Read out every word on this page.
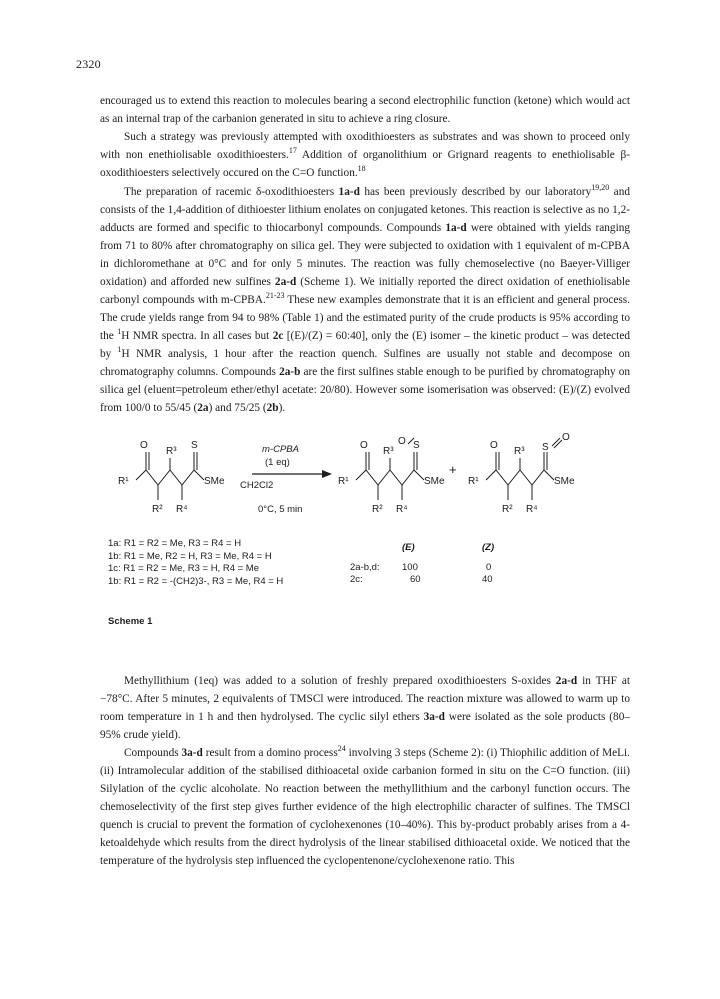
2320

encouraged us to extend this reaction to molecules bearing a second electrophilic function (ketone) which would act as an internal trap of the carbanion generated in situ to achieve a ring closure.

Such a strategy was previously attempted with oxodithioesters as substrates and was shown to proceed only with non enethiolisable oxodithioesters.$^{17}$ Addition of organolithium or Grignard reagents to enethiolisable β-oxodithioesters selectively occured on the C=O function.$^{18}$

The preparation of racemic δ-oxodithioesters 1a-d has been previously described by our laboratory$^{19,20}$ and consists of the 1,4-addition of dithioester lithium enolates on conjugated ketones. This reaction is selective as no 1,2-adducts are formed and specific to thiocarbonyl compounds. Compounds 1a-d were obtained with yields ranging from 71 to 80% after chromatography on silica gel. They were subjected to oxidation with 1 equivalent of m-CPBA in dichloromethane at 0°C and for only 5 minutes. The reaction was fully chemoselective (no Baeyer-Villiger oxidation) and afforded new sulfines 2a-d (Scheme 1). We initially reported the direct oxidation of enethiolisable carbonyl compounds with m-CPBA.$^{21-23}$ These new examples demonstrate that it is an efficient and general process. The crude yields range from 94 to 98% (Table 1) and the estimated purity of the crude products is 95% according to the $^1$H NMR spectra. In all cases but 2c [(E)/(Z) = 60:40], only the (E) isomer – the kinetic product – was detected by $^1$H NMR analysis, 1 hour after the reaction quench. Sulfines are usually not stable and decompose on chromatography columns. Compounds 2a-b are the first sulfines stable enough to be purified by chromatography on silica gel (eluent=petroleum ether/ethyl acetate: 20/80). However some isomerisation was observed: (E)/(Z) evolved from 100/0 to 55/45 (2a) and 75/25 (2b).

O
R³
S
R¹	SMe
R² R⁴
m-CPBA
(1 eq)
CH2Cl2
0°C, 5 min
O
R³
O S
R¹	SMe
R² R⁴
+
O
R³ S
O
R¹	SMe
R² R⁴
1a: R1 = R2 = Me, R3 = R4 = H
1b: R1 = Me, R2 = H, R3 = Me, R4 = H
1c: R1 = R2 = Me, R3 = H, R4 = Me
1b: R1 = R2 = -(CH2)3-, R3 = Me, R4 = H
(E)	(Z)
2a-b,d: 100	0
2c:	60	40
Scheme 1

Methyllithium (1eq) was added to a solution of freshly prepared oxodithioesters S-oxides 2a-d in THF at −78°C. After 5 minutes, 2 equivalents of TMSCl were introduced. The reaction mixture was allowed to warm up to room temperature in 1 h and then hydrolysed. The cyclic silyl ethers 3a-d were isolated as the sole products (80–95% crude yield).

Compounds 3a-d result from a domino process$^{24}$ involving 3 steps (Scheme 2): (i) Thiophilic addition of MeLi. (ii) Intramolecular addition of the stabilised dithioacetal oxide carbanion formed in situ on the C=O function. (iii) Silylation of the cyclic alcoholate. No reaction between the methyllithium and the carbonyl function occurs. The chemoselectivity of the first step gives further evidence of the high electrophilic character of sulfines. The TMSCl quench is crucial to prevent the formation of cyclohexenones (10–40%). This by-product probably arises from a 4-ketoaldehyde which results from the direct hydrolysis of the linear stabilised dithioacetal oxide. We noticed that the temperature of the hydrolysis step influenced the cyclopentenone/cyclohexenone ratio. This
